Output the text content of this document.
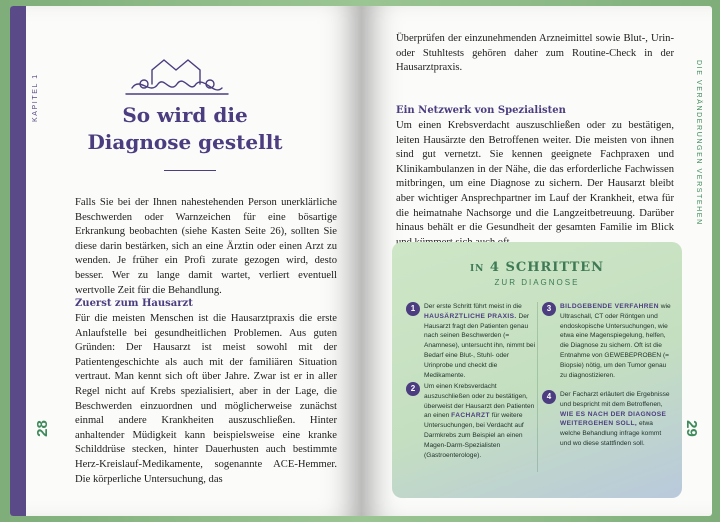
KAPITEL 1
28
So wird die Diagnose gestellt
Falls Sie bei der Ihnen nahestehenden Person unerklärliche Beschwerden oder Warnzeichen für eine bösartige Erkrankung beobachten (siehe Kasten Seite 26), sollten Sie diese darin bestärken, sich an eine Ärztin oder einen Arzt zu wenden. Je früher ein Profi zurate gezogen wird, desto besser. Wer zu lange damit wartet, verliert eventuell wertvolle Zeit für die Behandlung.
Zuerst zum Hausarzt
Für die meisten Menschen ist die Hausarztpraxis die erste Anlaufstelle bei gesundheitlichen Problemen. Aus guten Gründen: Der Hausarzt ist meist sowohl mit der Patientengeschichte als auch mit der familiären Situation vertraut. Man kennt sich oft über Jahre. Zwar ist er in aller Regel nicht auf Krebs spezialisiert, aber in der Lage, die Beschwerden einzuordnen und möglicherweise zunächst einmal andere Krankheiten auszuschließen. Hinter anhaltender Müdigkeit kann beispielsweise eine kranke Schilddrüse stecken, hinter Dauerhusten auch bestimmte Herz-Kreislauf-Medikamente, sogenannte ACE-Hemmer. Die körperliche Untersuchung, das
DIE VERÄNDERUNGEN VERSTEHEN
29
Überprüfen der einzunehmenden Arzneimittel sowie Blut-, Urin- oder Stuhltests gehören daher zum Routine-Check in der Hausarztpraxis.
Ein Netzwerk von Spezialisten
Um einen Krebsverdacht auszuschließen oder zu bestätigen, leiten Hausärzte den Betroffenen weiter. Die meisten von ihnen sind gut vernetzt. Sie kennen geeignete Fachpraxen und Klinikambulanzen in der Nähe, die das erforderliche Fachwissen mitbringen, um eine Diagnose zu sichern. Der Hausarzt bleibt aber wichtiger Ansprechpartner im Lauf der Krankheit, etwa für die heimatnahe Nachsorge und die Langzeitbetreuung. Darüber hinaus behält er die Gesundheit der gesamten Familie im Blick
IN 4 SCHRITTEN
ZUR DIAGNOSE
1	Der erste Schritt führt meist in die HAUSÄRZTLICHE PRAXIS. Der Hausarzt fragt den Patienten genau nach seinen Beschwerden (= Anamnese), untersucht ihn, nimmt bei Bedarf eine Blut-, Stuhl- oder Urinprobe und checkt die Medikamente.
2	Um einen Krebsverdacht auszuschließen oder zu bestätigen, überweist der Hausarzt den Patienten an einen FACHARZT für weitere Untersuchungen, bei Verdacht auf Darmkrebs zum Beispiel an einen Magen-Darm-Spezialisten (Gastroenterologe).
3	BILDGEBENDE VERFAHREN wie Ultraschall, CT oder Röntgen und endoskopische Untersuchungen, wie etwa eine Magenspiegelung, helfen, die Diagnose zu sichern. Oft ist die Entnahme von GEWEBEPROBEN (= Biopsie) nötig, um den Tumor genau zu diagnostizieren.
4	Der Facharzt erläutert die Ergebnisse und bespricht mit dem Betroffenen, WIE ES NACH DER DIAGNOSE WEITERGEHEN SOLL, etwa welche Behandlung infrage kommt und wo diese stattfinden soll.
